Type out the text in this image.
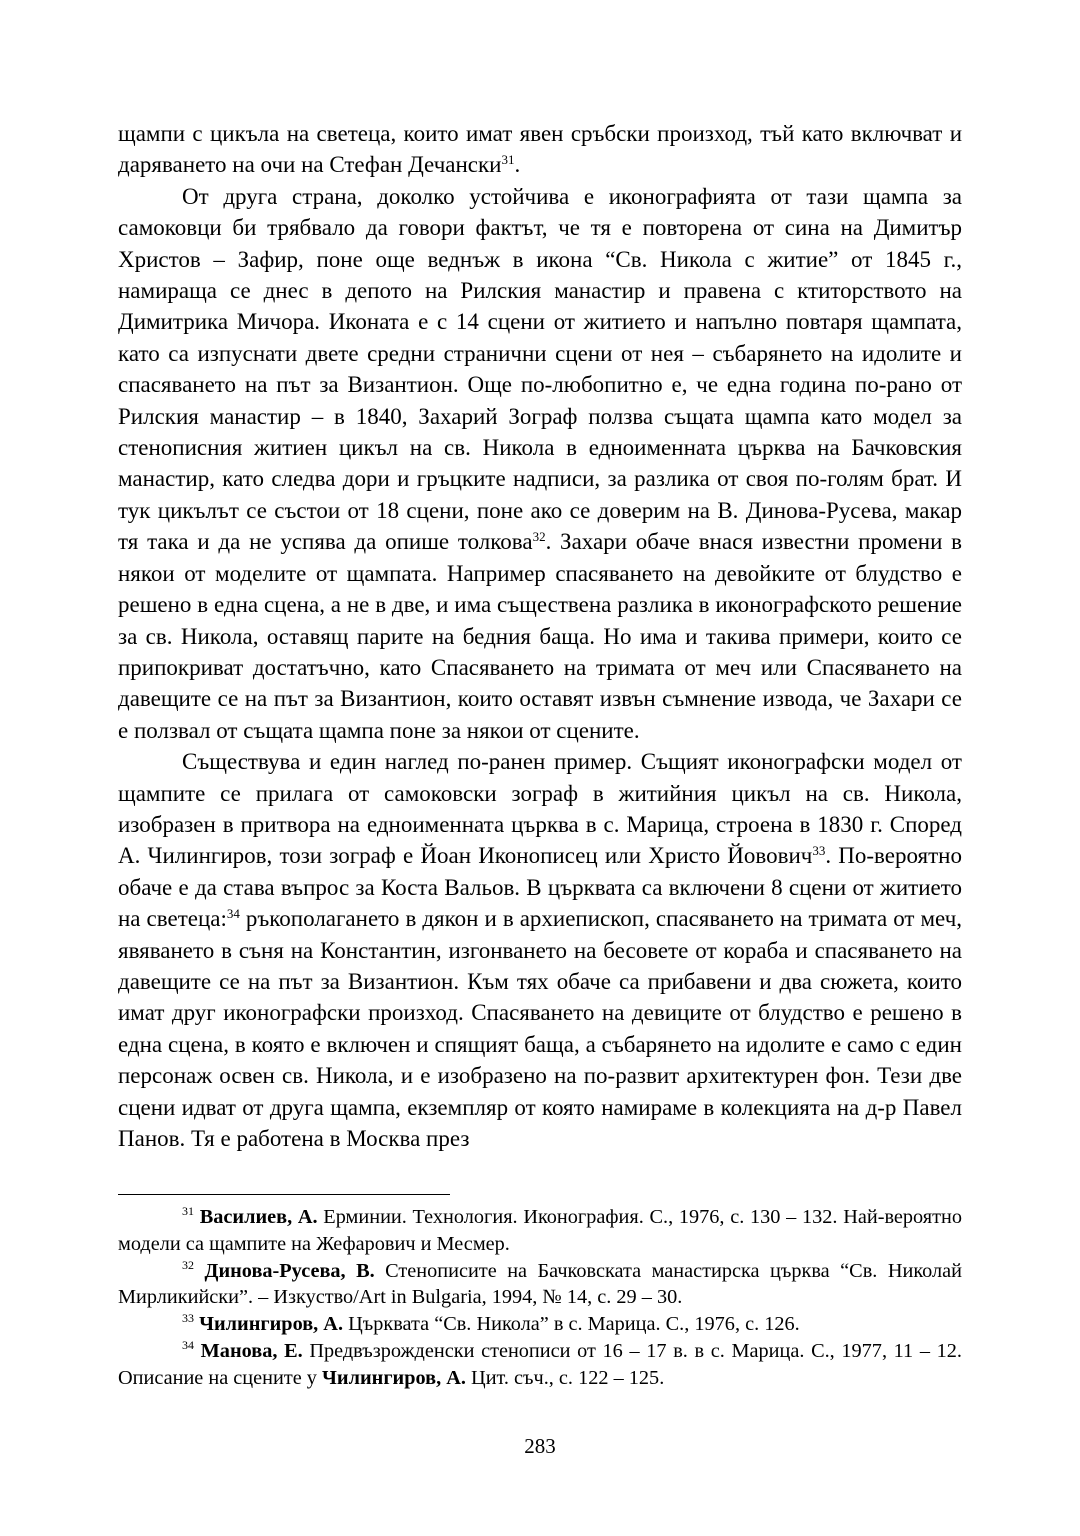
щампи с цикъла на светеца, които имат явен сръбски произход, тъй като включват и даряването на очи на Стефан Дечански$^{31}$.

От друга страна, доколко устойчива е иконографията от тази щампа за самоковци би трябвало да говори фактът, че тя е повторена от сина на Димитър Христов – Зафир, поне още веднъж в икона “Св. Никола с житие” от 1845 г., намираща се днес в депото на Рилския манастир и правена с ктиторството на Димитрика Мичора. Иконата е с 14 сцени от житието и напълно повтаря щампата, като са изпуснати двете средни странични сцени от нея – събарянето на идолите и спасяването на път за Византион. Още по-любопитно е, че една година по-рано от Рилския манастир – в 1840, Захарий Зограф ползва същата щампа като модел за стенописния житиен цикъл на св. Никола в едноименната църква на Бачковския манастир, като следва дори и гръцките надписи, за разлика от своя по-голям брат. И тук цикълът се състои от 18 сцени, поне ако се доверим на В. Динова-Русева, макар тя така и да не успява да опише толкова$^{32}$. Захари обаче внася известни промени в някои от моделите от щампата. Например спасяването на девойките от блудство е решено в една сцена, а не в две, и има съществена разлика в иконографското решение за св. Никола, оставящ парите на бедния баща. Но има и такива примери, които се припокриват достатъчно, като Спасяването на тримата от меч или Спасяването на давещите се на път за Византион, които оставят извън съмнение извода, че Захари се е ползвал от същата щампа поне за някои от сцените.

Съществува и един наглед по-ранен пример. Същият иконографски модел от щампите се прилага от самоковски зограф в житийния цикъл на св. Никола, изобразен в притвора на едноименната църква в с. Марица, строена в 1830 г. Според А. Чилингиров, този зограф е Йоан Иконописец или Христо Йовович$^{33}$. По-вероятно обаче е да става въпрос за Коста Вальов. В църквата са включени 8 сцени от житието на светеца:$^{34}$ ръкополагането в дякон и в архиепископ, спасяването на тримата от меч, явяването в съня на Константин, изгонването на бесовете от кораба и спасяването на давещите се на път за Византион. Към тях обаче са прибавени и два сюжета, които имат друг иконографски произход. Спасяването на девиците от блудство е решено в една сцена, в която е включен и спящият баща, а събарянето на идолите е само с един персонаж освен св. Никола, и е изобразено на по-развит архитектурен фон. Тези две сцени идват от друга щампа, екземпляр от която намираме в колекцията на д-р Павел Панов. Тя е работена в Москва през

$^{31}$ Василиев, А. Ерминии. Технология. Иконография. С., 1976, с. 130 – 132. Най-вероятно модели са щампите на Жефарович и Месмер.

$^{32}$ Динова-Русева, В. Стенописите на Бачковската манастирска църква “Св. Николай Мирликийски”. – Изкуство/Art in Bulgaria, 1994, № 14, с. 29 – 30.

$^{33}$ Чилингиров, А. Църквата “Св. Никола” в с. Марица. С., 1976, с. 126.

$^{34}$ Манова, Е. Предвъзрожденски стенописи от 16 – 17 в. в с. Марица. С., 1977, 11 – 12. Описание на сцените у Чилингиров, А. Цит. съч., с. 122 – 125.

283
